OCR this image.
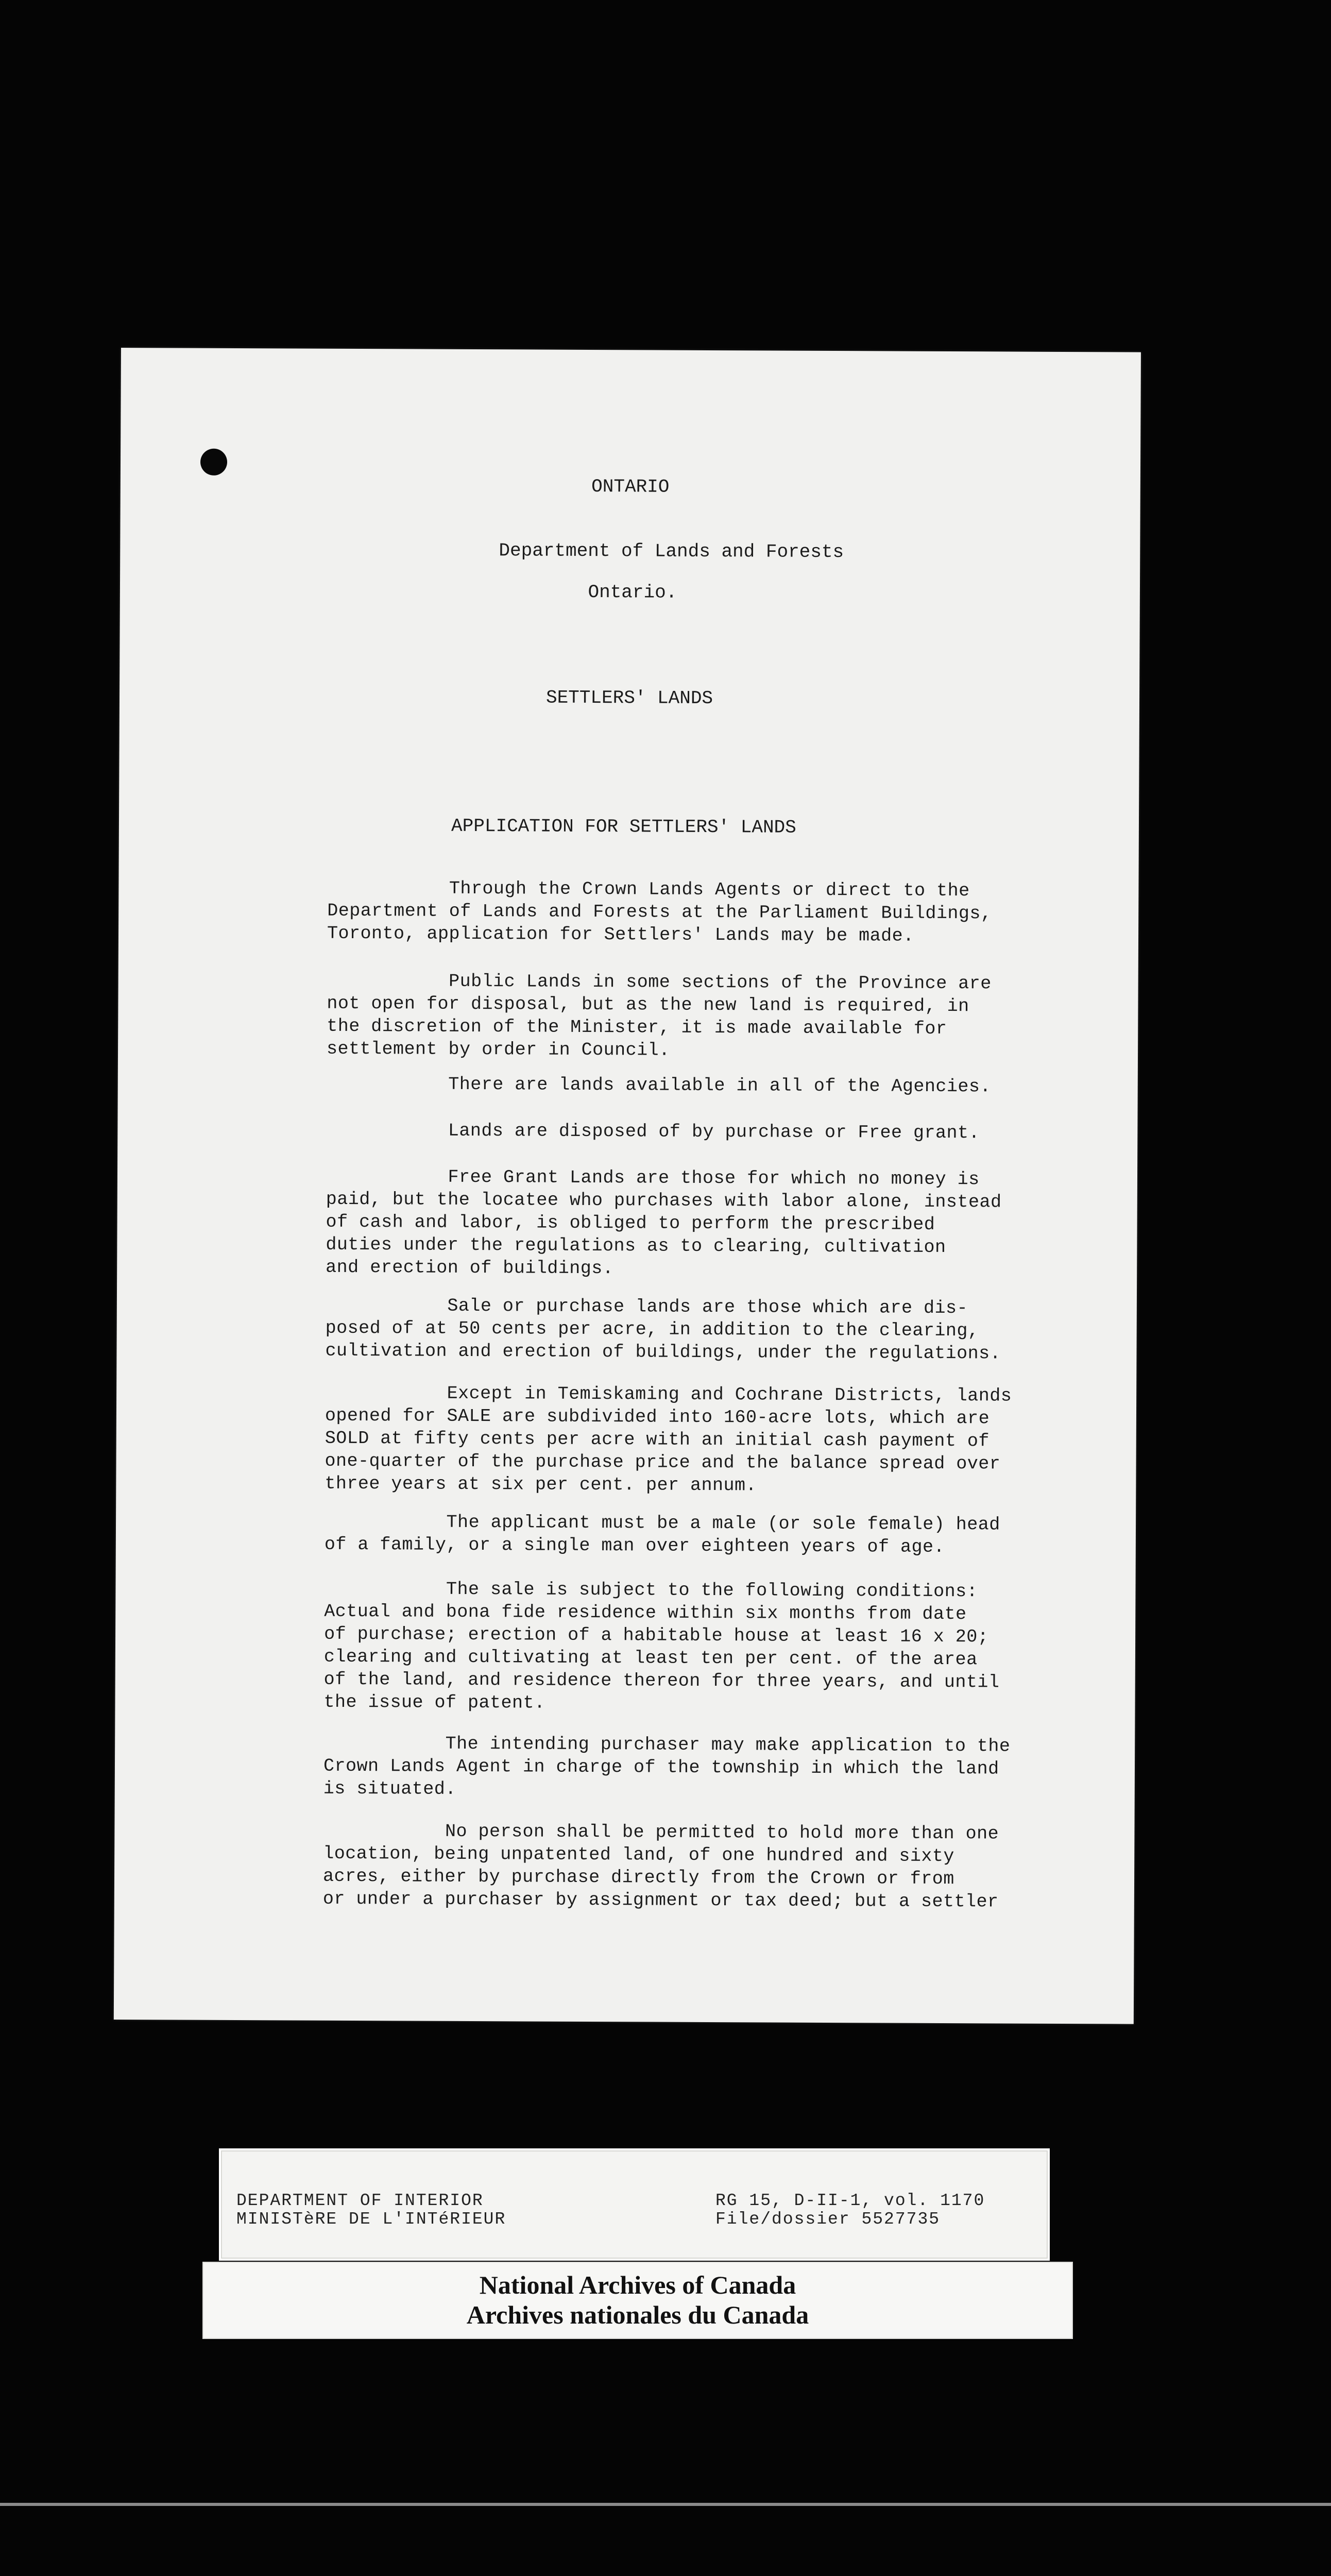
ONTARIO
Department of Lands and Forests
Ontario.
SETTLERS' LANDS
APPLICATION FOR SETTLERS' LANDS
Through the Crown Lands Agents or direct to the
Department of Lands and Forests at the Parliament Buildings,
Toronto, application for Settlers' Lands may be made.
Public Lands in some sections of the Province are
not open for disposal, but as the new land is required, in
the discretion of the Minister, it is made available for
settlement by order in Council.
There are lands available in all of the Agencies.
Lands are disposed of by purchase or Free grant.
Free Grant Lands are those for which no money is
paid, but the locatee who purchases with labor alone, instead
of cash and labor, is obliged to perform the prescribed
duties under the regulations as to clearing, cultivation
and erection of buildings.
Sale or purchase lands are those which are dis-
posed of at 50 cents per acre, in addition to the clearing,
cultivation and erection of buildings, under the regulations.
Except in Temiskaming and Cochrane Districts, lands
opened for SALE are subdivided into 160-acre lots, which are
SOLD at fifty cents per acre with an initial cash payment of
one-quarter of the purchase price and the balance spread over
three years at six per cent. per annum.
The applicant must be a male (or sole female) head
of a family, or a single man over eighteen years of age.
The sale is subject to the following conditions:
Actual and bona fide residence within six months from date
of purchase; erection of a habitable house at least 16 x 20;
clearing and cultivating at least ten per cent. of the area
of the land, and residence thereon for three years, and until
the issue of patent.
The intending purchaser may make application to the
Crown Lands Agent in charge of the township in which the land
is situated.
No person shall be permitted to hold more than one
location, being unpatented land, of one hundred and sixty
acres, either by purchase directly from the Crown or from
or under a purchaser by assignment or tax deed; but a settler
DEPARTMENT OF INTERIOR
MINISTèRE DE L'INTéRIEUR
RG 15, D-II-1, vol. 1170
File/dossier 5527735
National Archives of Canada
Archives nationales du Canada
